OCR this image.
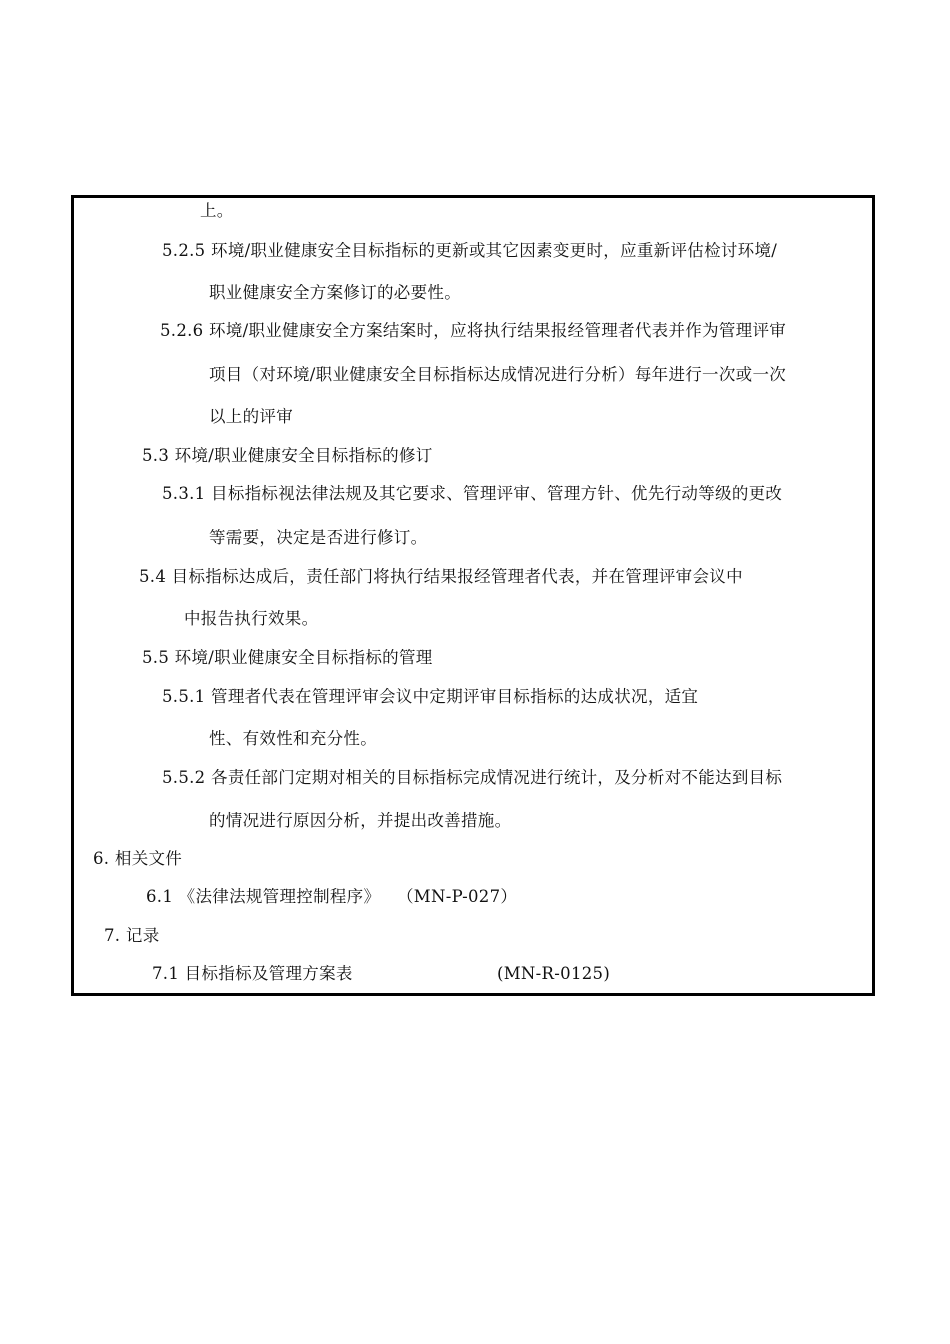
上。
5.2.5 环境/职业健康安全目标指标的更新或其它因素变更时，应重新评估检讨环境/
职业健康安全方案修订的必要性。
5.2.6 环境/职业健康安全方案结案时，应将执行结果报经管理者代表并作为管理评审
项目（对环境/职业健康安全目标指标达成情况进行分析）每年进行一次或一次
以上的评审
5.3 环境/职业健康安全目标指标的修订
5.3.1 目标指标视法律法规及其它要求、管理评审、管理方针、优先行动等级的更改
等需要，决定是否进行修订。
5.4 目标指标达成后，责任部门将执行结果报经管理者代表，并在管理评审会议中
中报告执行效果。
5.5 环境/职业健康安全目标指标的管理
5.5.1 管理者代表在管理评审会议中定期评审目标指标的达成状况，适宜
性、有效性和充分性。
5.5.2 各责任部门定期对相关的目标指标完成情况进行统计，及分析对不能达到目标
的情况进行原因分析，并提出改善措施。
6. 相关文件
6.1 《法律法规管理控制程序》 （MN-P-027）
7. 记录
7.1 目标指标及管理方案表	(MN-R-0125)
